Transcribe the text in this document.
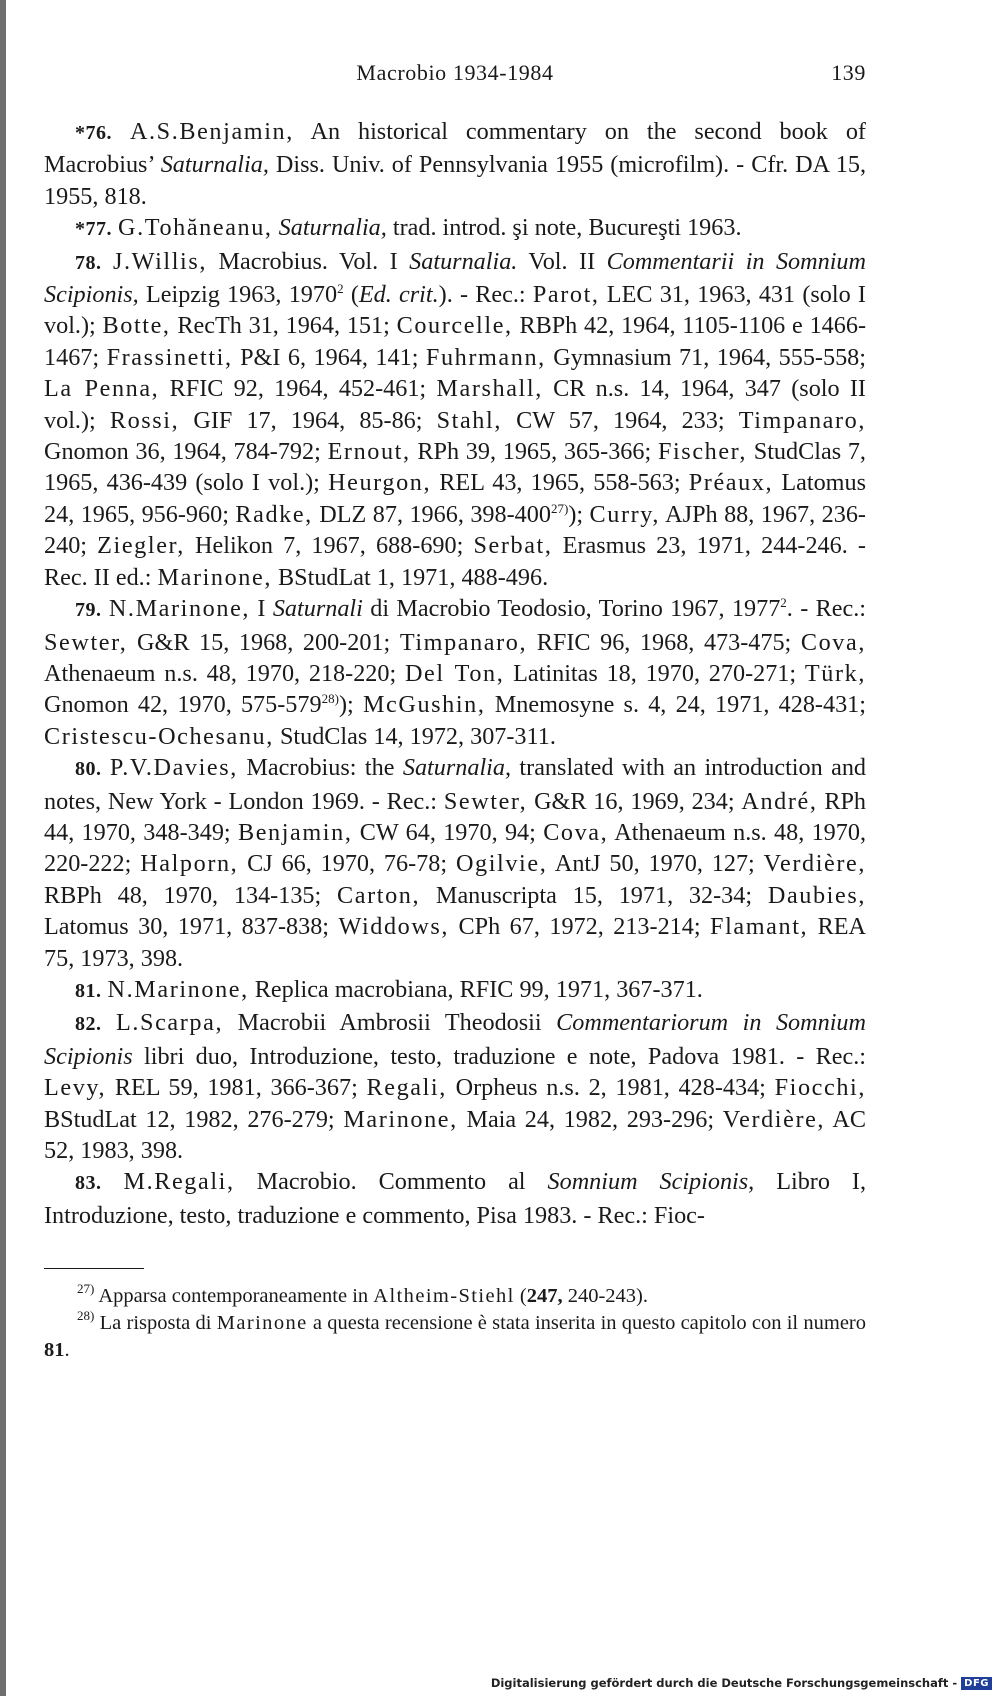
Macrobio 1934-1984	139

*76. A.S.Benjamin, An historical commentary on the second book of Macrobius’ Saturnalia, Diss. Univ. of Pennsylvania 1955 (microfilm). - Cfr. DA 15, 1955, 818.

*77. G.Tohăneanu, Saturnalia, trad. introd. şi note, Bucureşti 1963.

78. J.Willis, Macrobius. Vol. I Saturnalia. Vol. II Commentarii in Somnium Scipionis, Leipzig 1963, 1970$^2$ (Ed. crit.). - Rec.: Parot, LEC 31, 1963, 431 (solo I vol.); Botte, RecTh 31, 1964, 151; Courcelle, RBPh 42, 1964, 1105-1106 e 1466-1467; Frassinetti, P&I 6, 1964, 141; Fuhrmann, Gymnasium 71, 1964, 555-558; La Penna, RFIC 92, 1964, 452-461; Marshall, CR n.s. 14, 1964, 347 (solo II vol.); Rossi, GIF 17, 1964, 85-86; Stahl, CW 57, 1964, 233; Timpanaro, Gnomon 36, 1964, 784-792; Ernout, RPh 39, 1965, 365-366; Fischer, StudClas 7, 1965, 436-439 (solo I vol.); Heurgon, REL 43, 1965, 558-563; Préaux, Latomus 24, 1965, 956-960; Radke, DLZ 87, 1966, 398-400$^{27)}$); Curry, AJPh 88, 1967, 236-240; Ziegler, Helikon 7, 1967, 688-690; Serbat, Erasmus 23, 1971, 244-246. - Rec. II ed.: Marinone, BStudLat 1, 1971, 488-496.

79. N.Marinone, I Saturnali di Macrobio Teodosio, Torino 1967, 1977$^2$. - Rec.: Sewter, G&R 15, 1968, 200-201; Timpanaro, RFIC 96, 1968, 473-475; Cova, Athenaeum n.s. 48, 1970, 218-220; Del Ton, Latinitas 18, 1970, 270-271; Türk, Gnomon 42, 1970, 575-579$^{28)}$); McGushin, Mnemosyne s. 4, 24, 1971, 428-431; Cristescu-Ochesanu, StudClas 14, 1972, 307-311.

80. P.V.Davies, Macrobius: the Saturnalia, translated with an introduction and notes, New York - London 1969. - Rec.: Sewter, G&R 16, 1969, 234; André, RPh 44, 1970, 348-349; Benjamin, CW 64, 1970, 94; Cova, Athenaeum n.s. 48, 1970, 220-222; Halporn, CJ 66, 1970, 76-78; Ogilvie, AntJ 50, 1970, 127; Verdière, RBPh 48, 1970, 134-135; Carton, Manuscripta 15, 1971, 32-34; Daubies, Latomus 30, 1971, 837-838; Widdows, CPh 67, 1972, 213-214; Flamant, REA 75, 1973, 398.

81. N.Marinone, Replica macrobiana, RFIC 99, 1971, 367-371.

82. L.Scarpa, Macrobii Ambrosii Theodosii Commentariorum in Somnium Scipionis libri duo, Introduzione, testo, traduzione e note, Padova 1981. - Rec.: Levy, REL 59, 1981, 366-367; Regali, Orpheus n.s. 2, 1981, 428-434; Fiocchi, BStudLat 12, 1982, 276-279; Marinone, Maia 24, 1982, 293-296; Verdière, AC 52, 1983, 398.

83. M.Regali, Macrobio. Commento al Somnium Scipionis, Libro I, Introduzione, testo, traduzione e commento, Pisa 1983. - Rec.: Fioc-

$^{27)}$ Apparsa contemporaneamente in Altheim-Stiehl (247, 240-243).

$^{28)}$ La risposta di Marinone a questa recensione è stata inserita in questo capitolo con il numero 81.

Digitalisierung gefördert durch die Deutsche Forschungsgemeinschaft - DFG
